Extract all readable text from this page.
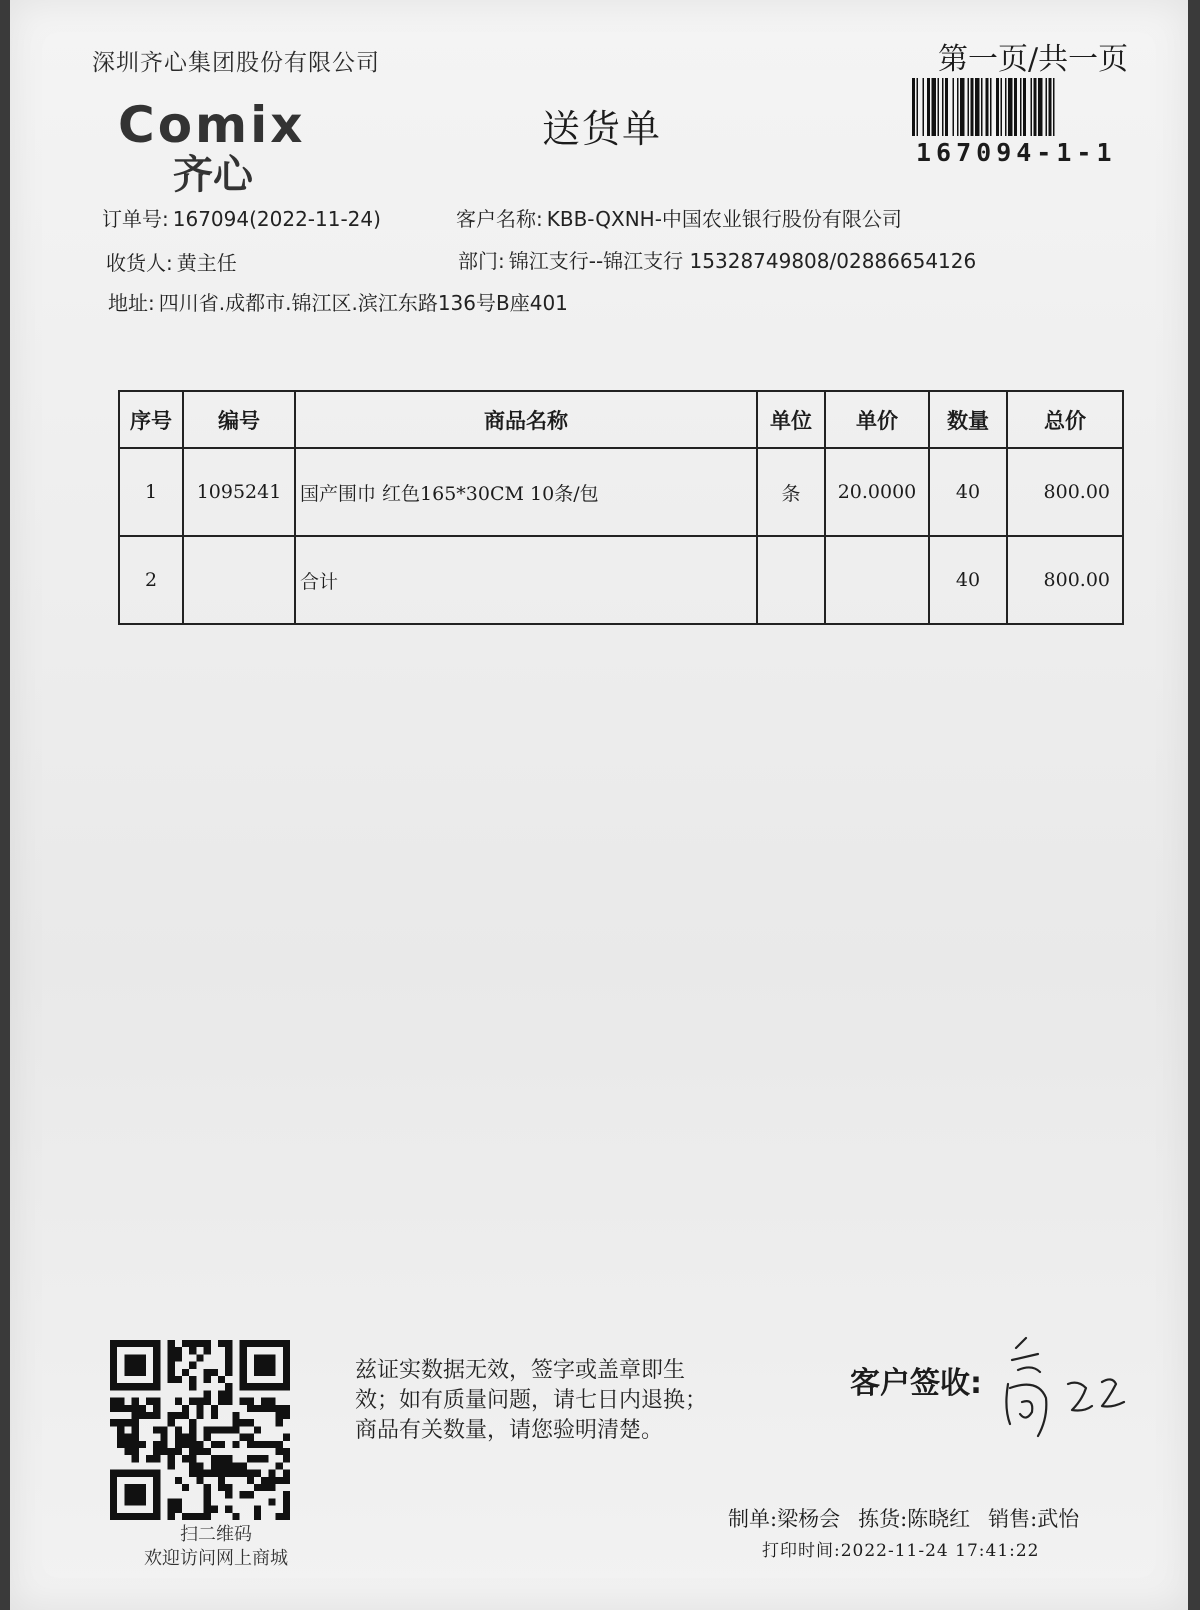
深圳齐心集团股份有限公司
Comix
齐心
送货单
第一页/共一页
167094-1-1
订单号: 167094(2022-11-24)	客户名称: KBB-QXNH-中国农业银行股份有限公司
收货人: 黄主任	部门: 锦江支行--锦江支行 15328749808/02886654126
地址: 四川省.成都市.锦江区.滨江东路136号B座401
序号	编号	商品名称	单位	单价	数量	总价
1	1095241	国产围巾 红色165*30CM 10条/包	条	20.0000	40	800.00
2		合计			40	800.00
扫二维码
欢迎访问网上商城
兹证实数据无效，签字或盖章即生
效；如有质量问题，请七日内退换；
商品有关数量，请您验明清楚。
客户签收:
制单:梁杨会 拣货:陈晓红 销售:武怡
打印时间:2022-11-24 17:41:22
